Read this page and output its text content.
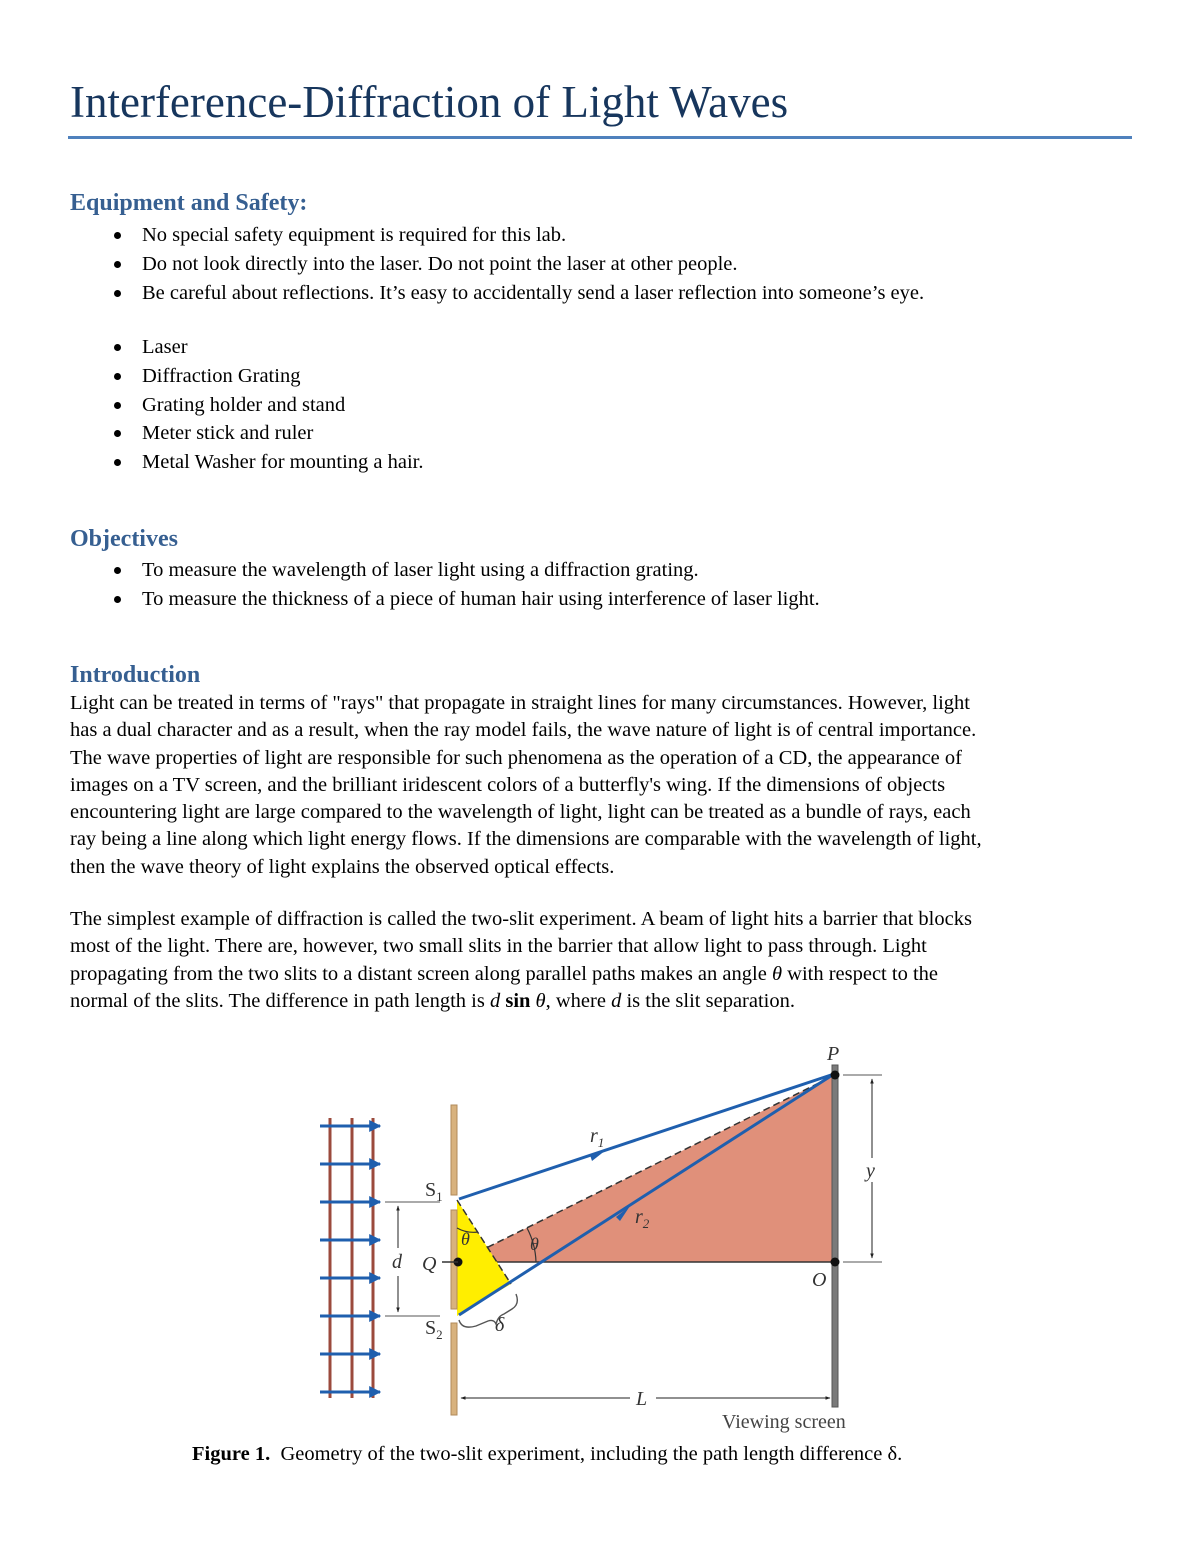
Interference-Diffraction of Light Waves
Equipment and Safety:
No special safety equipment is required for this lab.
Do not look directly into the laser. Do not point the laser at other people.
Be careful about reflections. It’s easy to accidentally send a laser reflection into someone’s eye.
Laser
Diffraction Grating
Grating holder and stand
Meter stick and ruler
Metal Washer for mounting a hair.
Objectives
To measure the wavelength of laser light using a diffraction grating.
To measure the thickness of a piece of human hair using interference of laser light.
Introduction

Light can be treated in terms of "rays" that propagate in straight lines for many circumstances. However, light
has a dual character and as a result, when the ray model fails, the wave nature of light is of central importance.
The wave properties of light are responsible for such phenomena as the operation of a CD, the appearance of
images on a TV screen, and the brilliant iridescent colors of a butterfly's wing. If the dimensions of objects
encountering light are large compared to the wavelength of light, light can be treated as a bundle of rays, each
ray being a line along which light energy flows. If the dimensions are comparable with the wavelength of light,
then the wave theory of light explains the observed optical effects.

The simplest example of diffraction is called the two-slit experiment. A beam of light hits a barrier that blocks
most of the light. There are, however, two small slits in the barrier that allow light to pass through. Light
propagating from the two slits to a distant screen along parallel paths makes an angle θ with respect to the
normal of the slits. The difference in path length is d sin θ, where d is the slit separation.

P
$r_1$
$r_2$
y
$S_1$
$S_2$
θ	θ
d Q
O
δ
L
Viewing screen
Figure 1.  Geometry of the two-slit experiment, including the path length difference δ.
